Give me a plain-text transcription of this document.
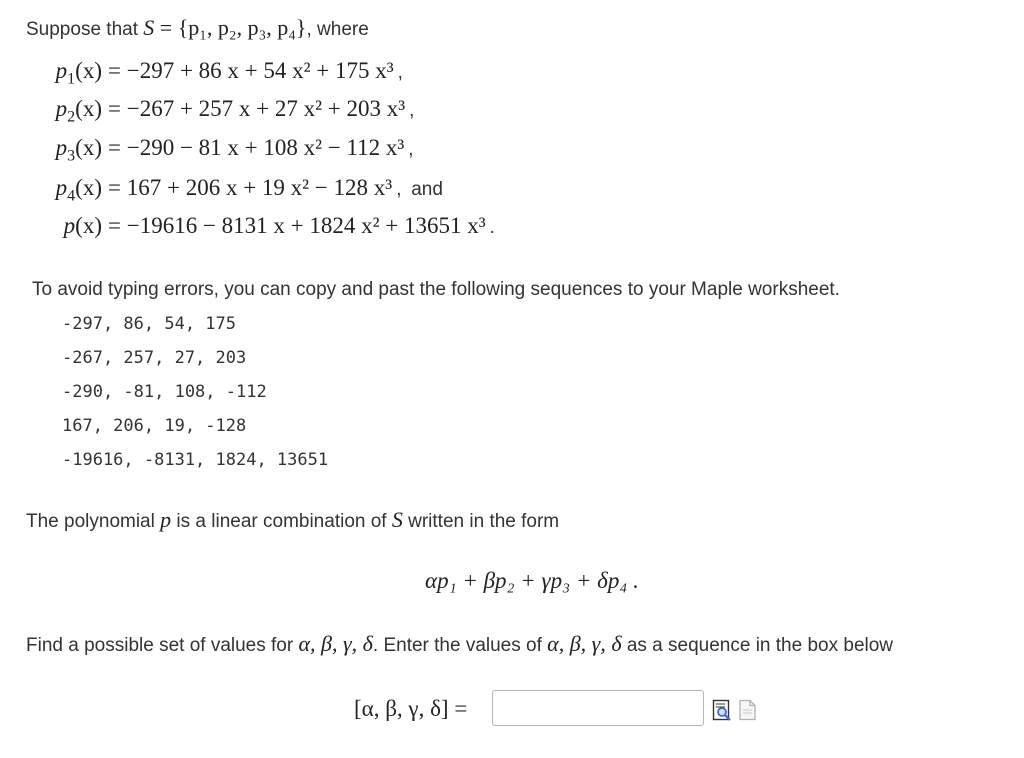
Suppose that S = {p₁, p₂, p₃, p₄}, where
$p_1(x) = -297 + 86$ x + 54 x² + 175 x³ ,
$p_2(x) = -267 + 257$ x + 27 x² + 203 x³ ,
$p_3(x) = -290 - 81$ x + 108 x² − 112 x³ ,
$p_4(x) = 167 + 206$ x + 19 x² − 128 x³ , and
p(x) = −19616 − 8131 x + 1824 x² + 13651 x³ .
To avoid typing errors, you can copy and past the following sequences to your Maple worksheet.
-297, 86, 54, 175
-267, 257, 27, 203
-290, -81, 108, -112
167, 206, 19, -128
-19616, -8131, 1824, 13651
The polynomial p is a linear combination of S written in the form
αp₁ + βp₂ + γp₃ + δp₄ .
Find a possible set of values for α, β, γ, δ. Enter the values of α, β, γ, δ as a sequence in the box below
[α, β, γ, δ] =
